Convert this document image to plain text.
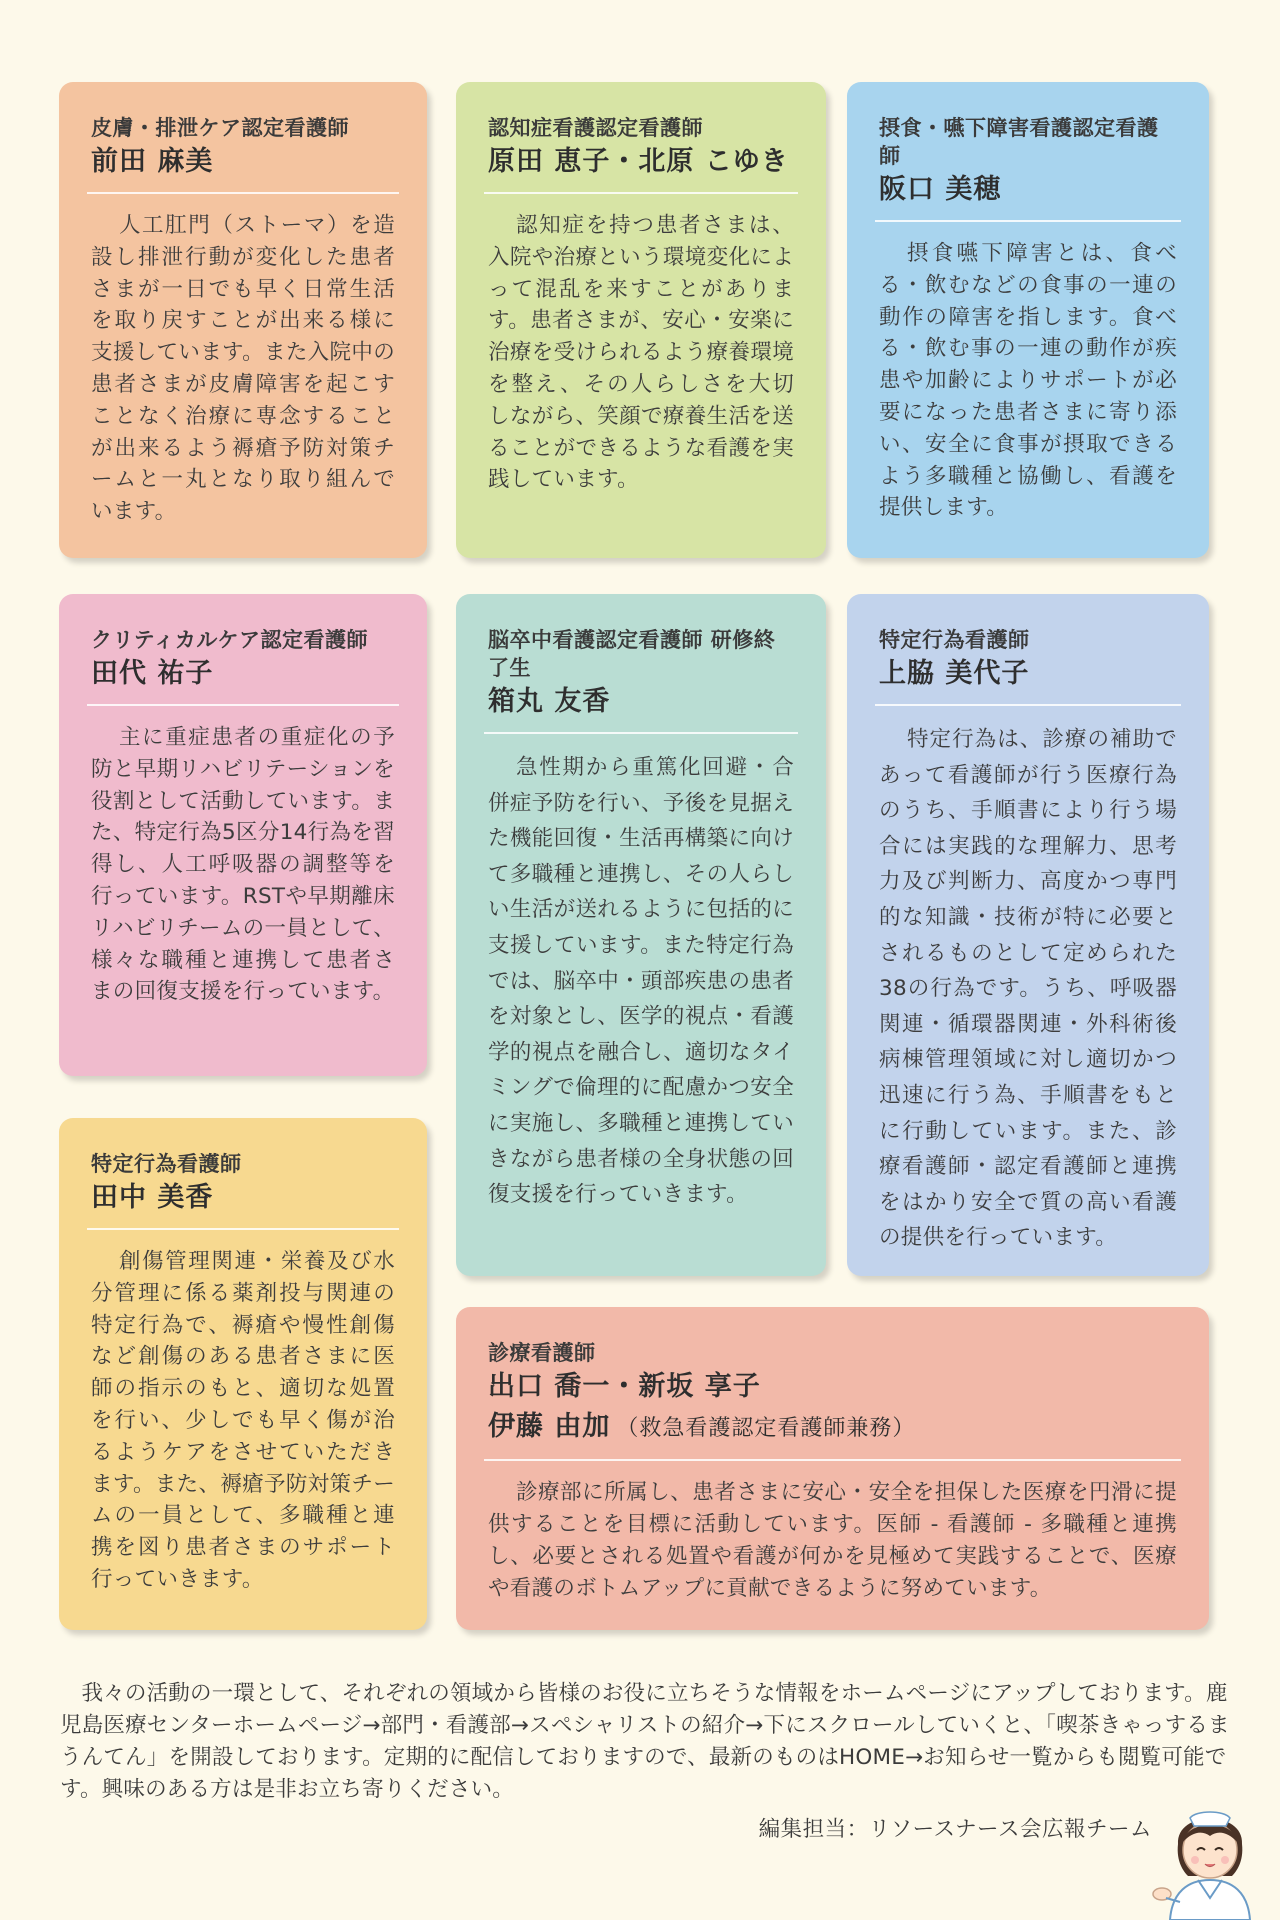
皮膚・排泄ケア認定看護師
前田 麻美
人工肛門（ストーマ）を造設し排泄行動が変化した患者さまが一日でも早く日常生活を取り戻すことが出来る様に支援しています。また入院中の患者さまが皮膚障害を起こすことなく治療に専念することが出来るよう褥瘡予防対策チームと一丸となり取り組んでいます。
認知症看護認定看護師
原田 恵子・北原 こゆき
認知症を持つ患者さまは、入院や治療という環境変化によって混乱を来すことがあります。患者さまが、安心・安楽に治療を受けられるよう療養環境を整え、その人らしさを大切しながら、笑顔で療養生活を送ることができるような看護を実践しています。
摂食・嚥下障害看護認定看護師
阪口 美穂
摂食嚥下障害とは、食べる・飲むなどの食事の一連の動作の障害を指します。食べる・飲む事の一連の動作が疾患や加齢によりサポートが必要になった患者さまに寄り添い、安全に食事が摂取できるよう多職種と協働し、看護を提供します。
クリティカルケア認定看護師
田代 祐子
主に重症患者の重症化の予防と早期リハビリテーションを役割として活動しています。また、特定行為5区分14行為を習得し、人工呼吸器の調整等を行っています。RSTや早期離床リハビリチームの一員として、様々な職種と連携して患者さまの回復支援を行っています。
脳卒中看護認定看護師 研修終了生
箱丸 友香
急性期から重篤化回避・合併症予防を行い、予後を見据えた機能回復・生活再構築に向けて多職種と連携し、その人らしい生活が送れるように包括的に支援しています。また特定行為では、脳卒中・頭部疾患の患者を対象とし、医学的視点・看護学的視点を融合し、適切なタイミングで倫理的に配慮かつ安全に実施し、多職種と連携していきながら患者様の全身状態の回復支援を行っていきます。
特定行為看護師
上脇 美代子
特定行為は、診療の補助であって看護師が行う医療行為のうち、手順書により行う場合には実践的な理解力、思考力及び判断力、高度かつ専門的な知識・技術が特に必要とされるものとして定められた38の行為です。うち、呼吸器関連・循環器関連・外科術後病棟管理領域に対し適切かつ迅速に行う為、手順書をもとに行動しています。また、診療看護師・認定看護師と連携をはかり安全で質の高い看護の提供を行っています。
特定行為看護師
田中 美香
創傷管理関連・栄養及び水分管理に係る薬剤投与関連の特定行為で、褥瘡や慢性創傷など創傷のある患者さまに医師の指示のもと、適切な処置を行い、少しでも早く傷が治るようケアをさせていただきます。また、褥瘡予防対策チームの一員として、多職種と連携を図り患者さまのサポート行っていきます。
診療看護師
出口 喬一・新坂 享子
伊藤 由加 （救急看護認定看護師兼務）
診療部に所属し、患者さまに安心・安全を担保した医療を円滑に提供することを目標に活動しています。医師 - 看護師 - 多職種と連携し、必要とされる処置や看護が何かを見極めて実践することで、医療や看護のボトムアップに貢献できるように努めています。
我々の活動の一環として、それぞれの領域から皆様のお役に立ちそうな情報をホームページにアップしております。鹿児島医療センターホームページ→部門・看護部→スペシャリストの紹介→下にスクロールしていくと、「喫茶きゃっするまうんてん」を開設しております。定期的に配信しておりますので、最新のものはHOME→お知らせ一覧からも閲覧可能です。興味のある方は是非お立ち寄りください。
編集担当：リソースナース会広報チーム
